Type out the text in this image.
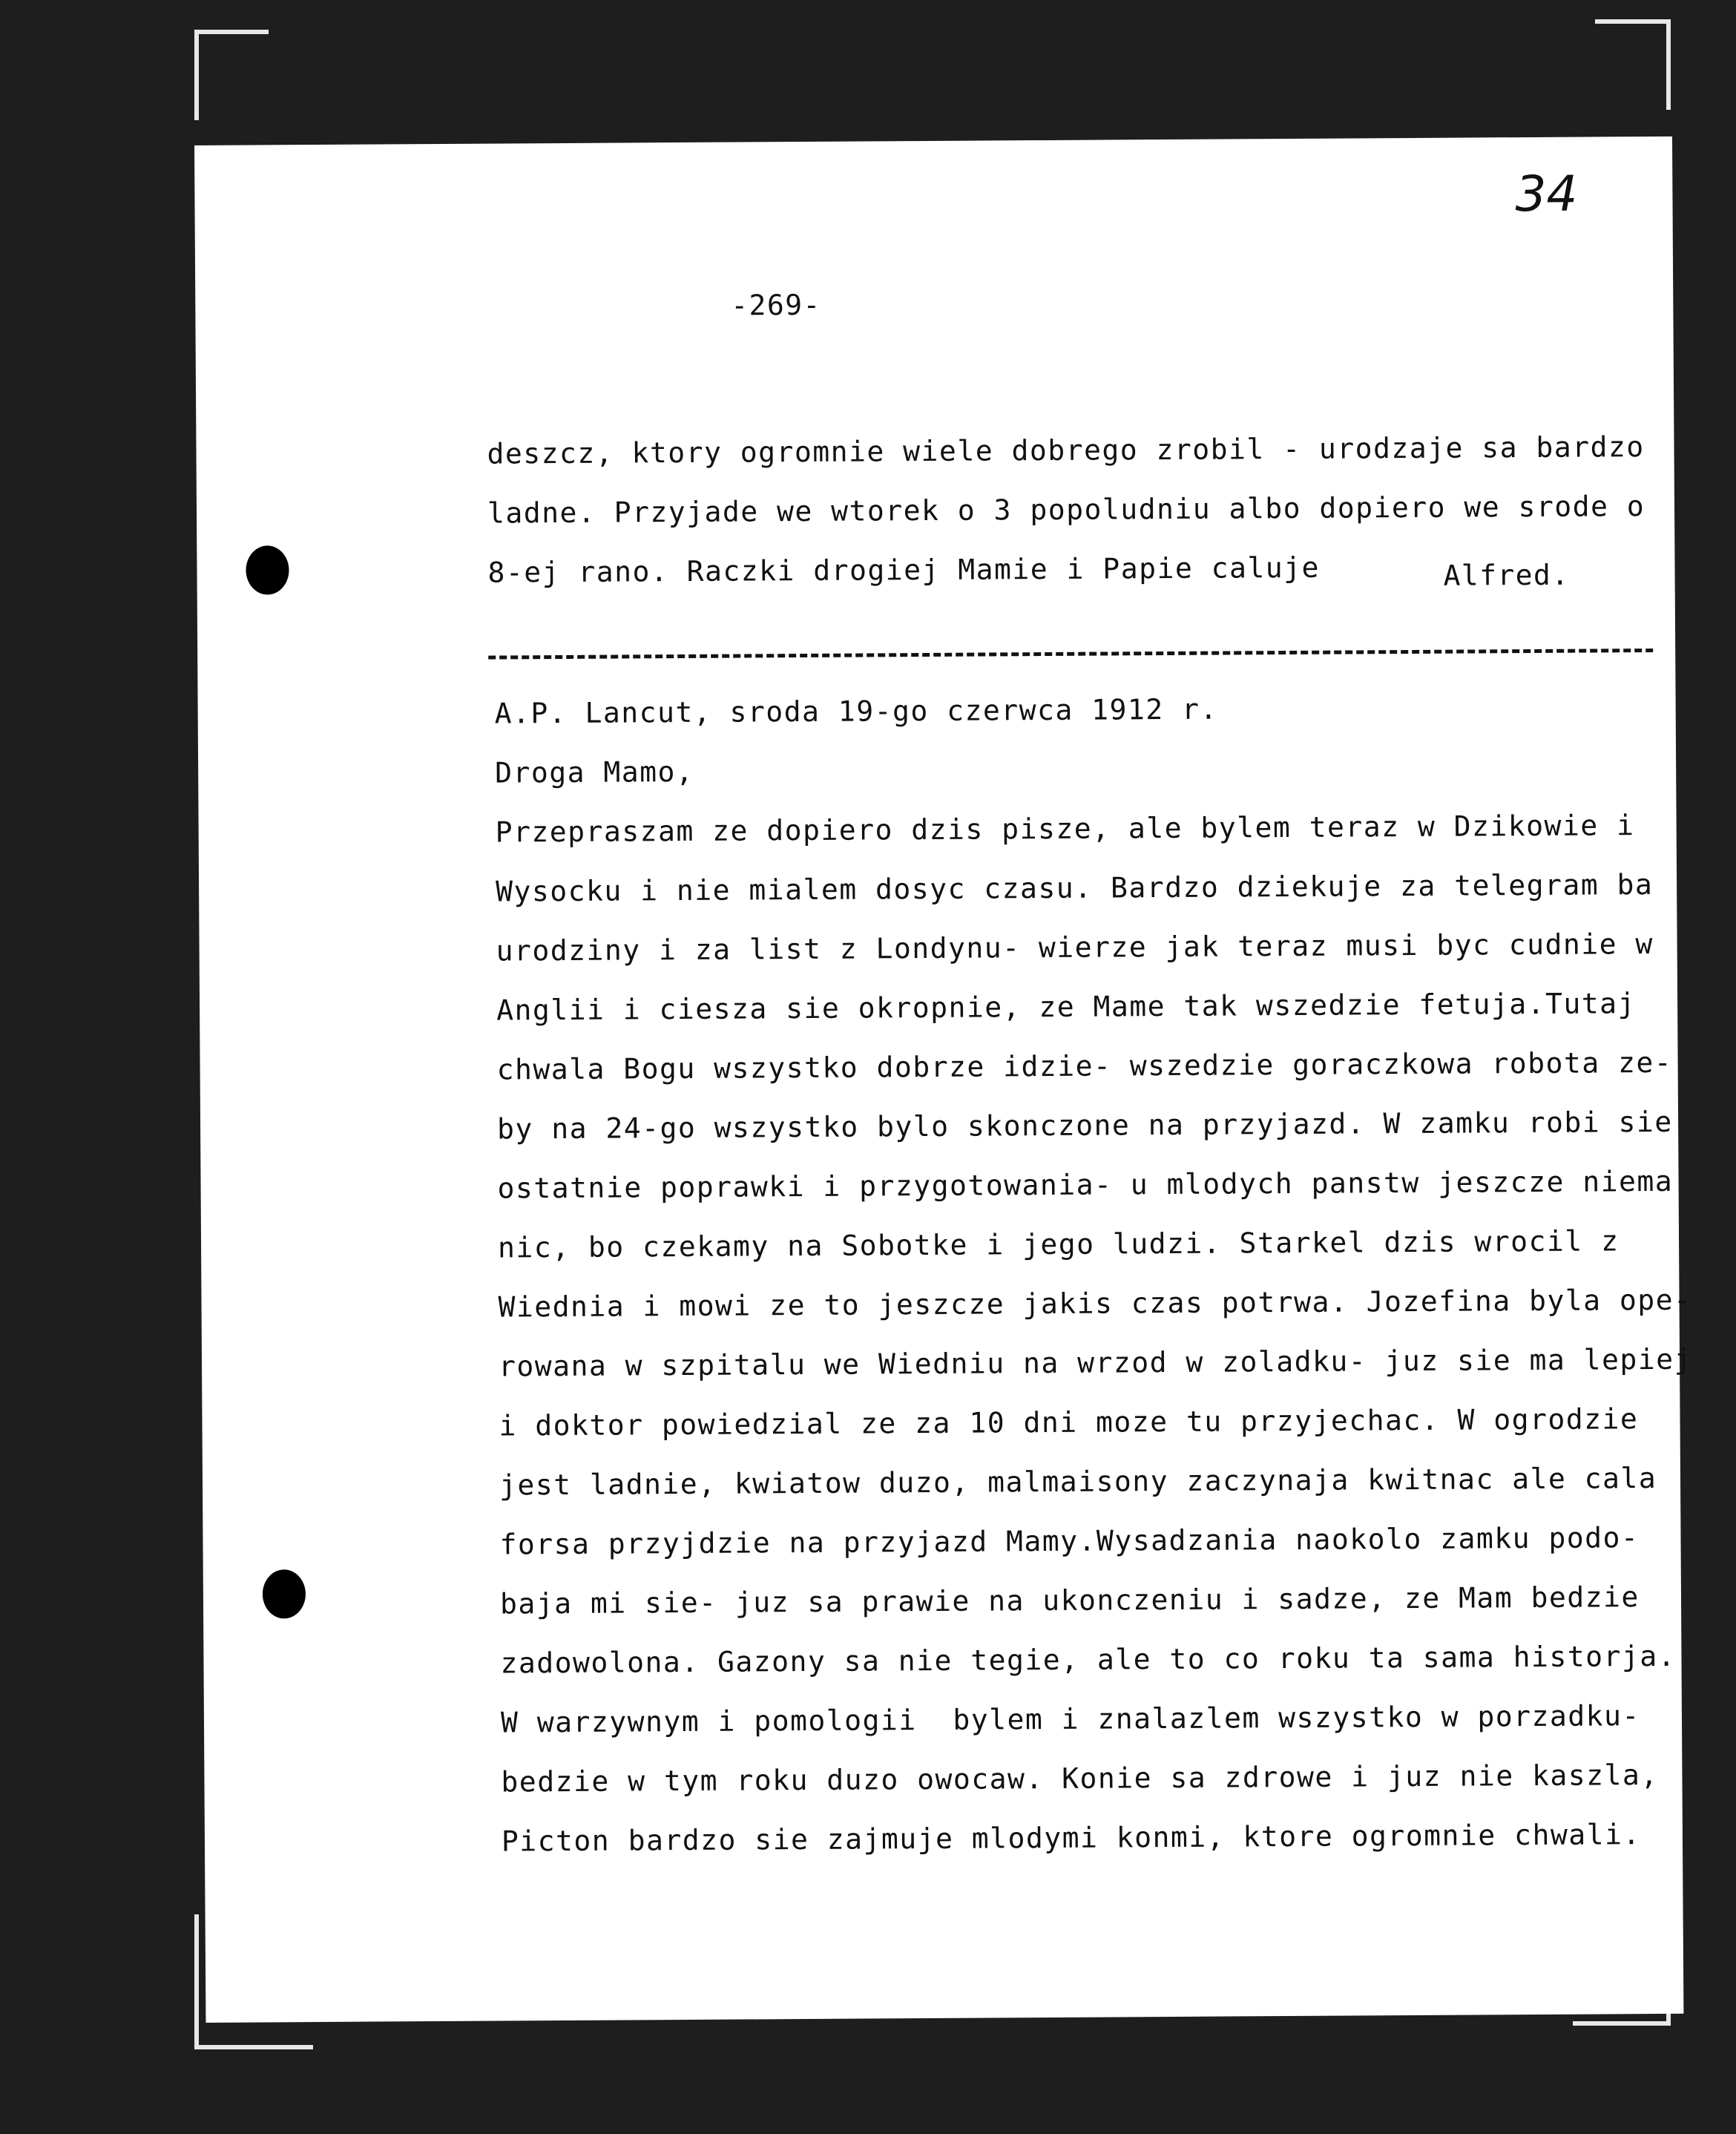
34
-269-
deszcz, ktory ogromnie wiele dobrego zrobil - urodzaje sa bardzo
ladne. Przyjade we wtorek o 3 popoludniu albo dopiero we srode o
8-ej rano. Raczki drogiej Mamie i Papie caluje	Alfred.
A.P. Lancut, sroda 19-go czerwca 1912 r.
Droga Mamo,
Przepraszam ze dopiero dzis pisze, ale bylem teraz w Dzikowie i
Wysocku i nie mialem dosyc czasu. Bardzo dziekuje za telegram ba
urodziny i za list z Londynu- wierze jak teraz musi byc cudnie w
Anglii i ciesza sie okropnie, ze Mame tak wszedzie fetuja.Tutaj
chwala Bogu wszystko dobrze idzie- wszedzie goraczkowa robota ze-
by na 24-go wszystko bylo skonczone na przyjazd. W zamku robi sie
ostatnie poprawki i przygotowania- u mlodych panstw jeszcze niema
nic, bo czekamy na Sobotke i jego ludzi. Starkel dzis wrocil z
Wiednia i mowi ze to jeszcze jakis czas potrwa. Jozefina byla ope-
rowana w szpitalu we Wiedniu na wrzod w zoladku- juz sie ma lepiej
i doktor powiedzial ze za 10 dni moze tu przyjechac. W ogrodzie
jest ladnie, kwiatow duzo, malmaisony zaczynaja kwitnac ale cala
forsa przyjdzie na przyjazd Mamy.Wysadzania naokolo zamku podo-
baja mi sie- juz sa prawie na ukonczeniu i sadze, ze Mam bedzie
zadowolona. Gazony sa nie tegie, ale to co roku ta sama historja.
W warzywnym i pomologii  bylem i znalazlem wszystko w porzadku-
bedzie w tym roku duzo owocaw. Konie sa zdrowe i juz nie kaszla,
Picton bardzo sie zajmuje mlodymi konmi, ktore ogromnie chwali.
